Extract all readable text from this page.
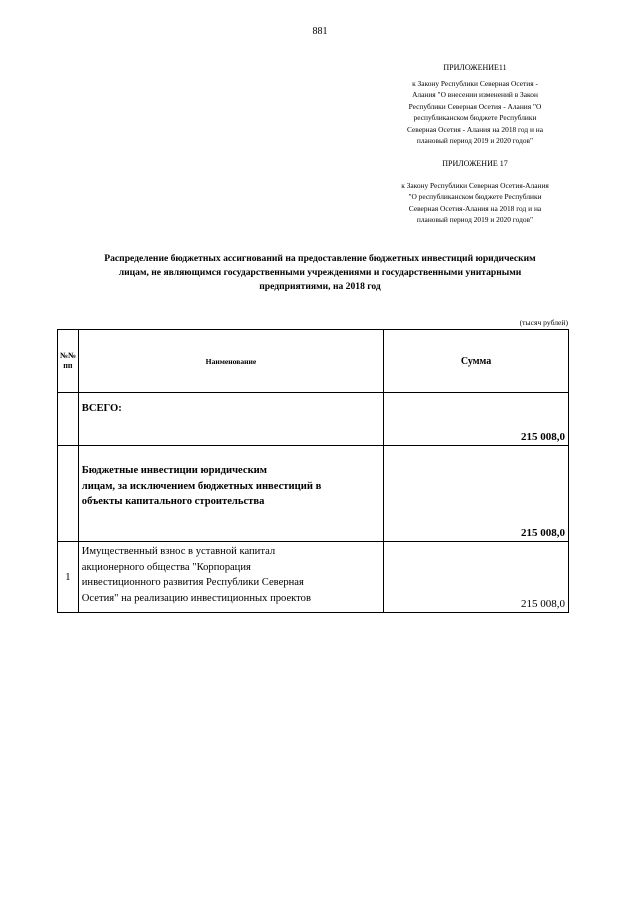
881
ПРИЛОЖЕНИЕ11
к Закону Республики Северная Осетия -
Алания "О внесении изменений в Закон
Республики Северная Осетия - Алания "О
республиканском бюджете Республики
Северная Осетия - Алания на 2018 год и на
плановый период 2019 и 2020 годов"
ПРИЛОЖЕНИЕ 17
к Закону Республики Северная Осетия-Алания
"О республиканском бюджете Республики
Северная Осетия-Алания на 2018 год и на
плановый период 2019 и 2020 годов"
Распределение бюджетных ассигнований на предоставление бюджетных инвестиций юридическим
лицам, не являющимся государственными учреждениями и государственными унитарными
предприятиями, на 2018 год
(тысяч рублей)
№№
пп	Наименование	Сумма
	ВСЕГО:	215 008,0

	Бюджетные инвестиции юридическим
лицам, за исключением бюджетных инвестиций в
объекты капитального строительства	215 008,0

1	Имущественный взнос в уставной капитал
акционерного общества "Корпорация
инвестиционного развития Республики Северная
Осетия" на реализацию инвестиционных проектов	215 008,0
